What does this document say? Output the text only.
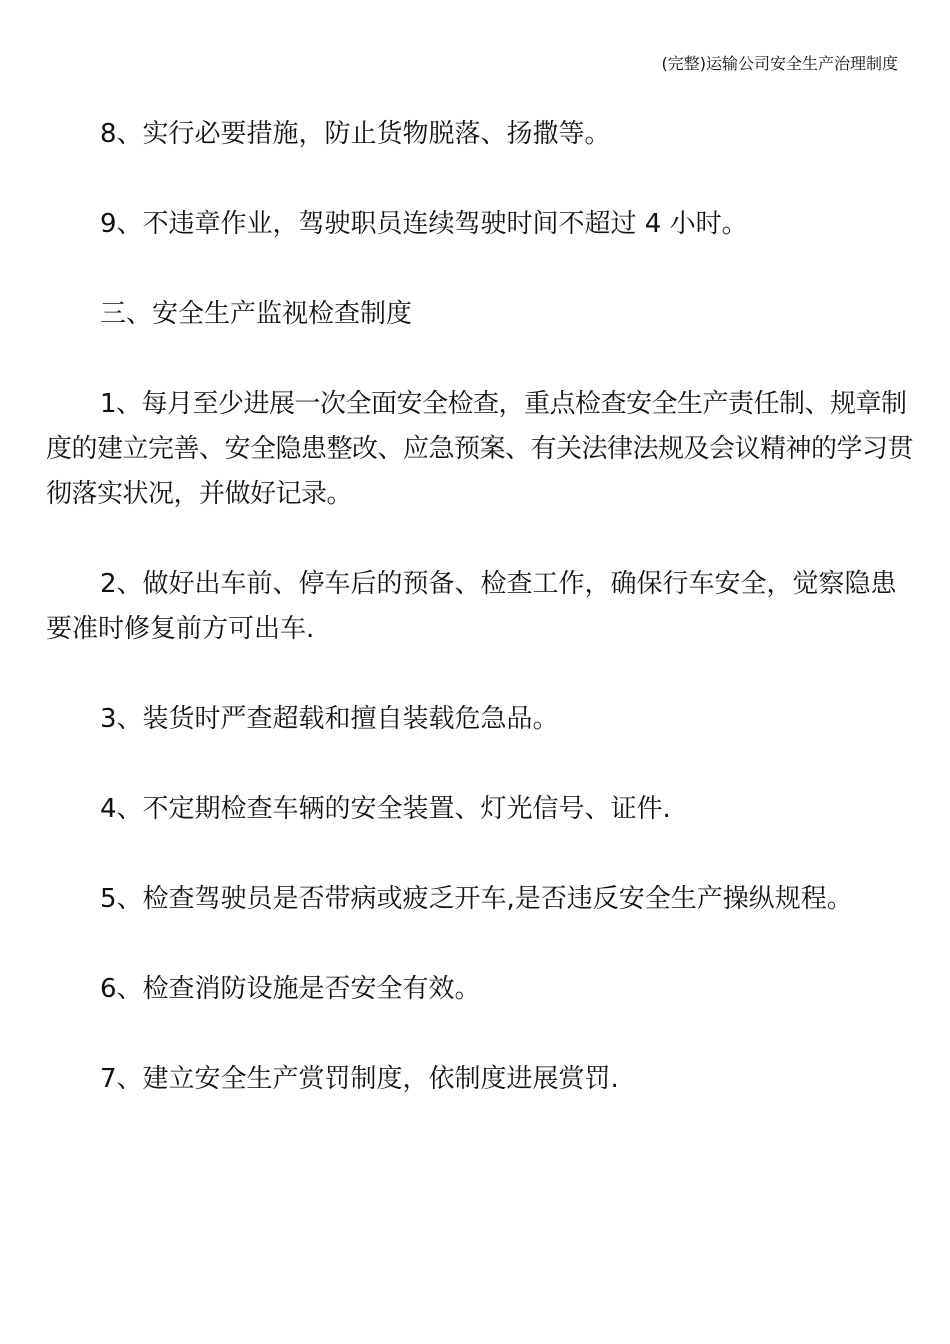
(完整)运输公司安全生产治理制度

8、实行必要措施，防止货物脱落、扬撒等。

9、不违章作业，驾驶职员连续驾驶时间不超过 4 小时。

三、安全生产监视检查制度

1、每月至少进展一次全面安全检查，重点检查安全生产责任制、规章制度的建立完善、安全隐患整改、应急预案、有关法律法规及会议精神的学习贯彻落实状况，并做好记录。

2、做好出车前、停车后的预备、检查工作，确保行车安全，觉察隐患要准时修复前方可出车.

3、装货时严查超载和擅自装载危急品。

4、不定期检查车辆的安全装置、灯光信号、证件.

5、检查驾驶员是否带病或疲乏开车,是否违反安全生产操纵规程。

6、检查消防设施是否安全有效。

7、建立安全生产赏罚制度，依制度进展赏罚.
